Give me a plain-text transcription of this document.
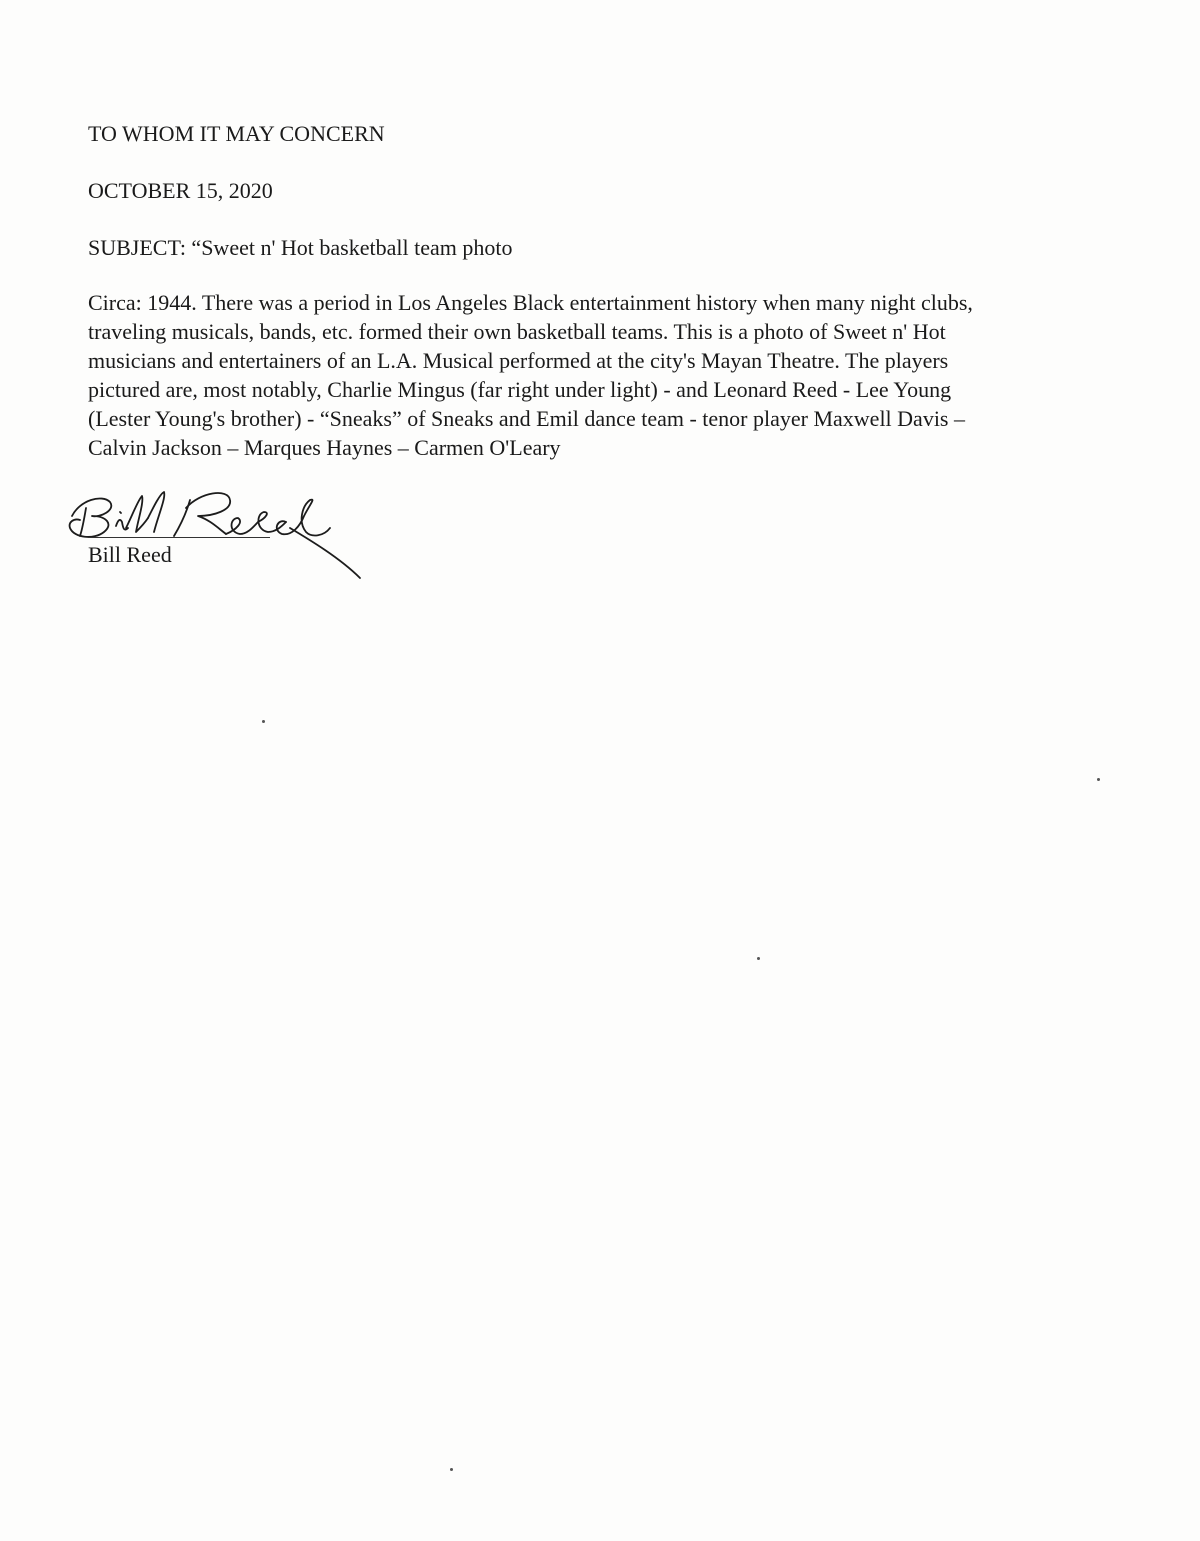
TO WHOM IT MAY CONCERN
OCTOBER 15, 2020
SUBJECT: “Sweet n' Hot basketball team photo
Circa: 1944. There was a period in Los Angeles Black entertainment history when many night clubs,
traveling musicals, bands, etc. formed their own basketball teams. This is a photo of Sweet n' Hot
musicians and entertainers of an L.A. Musical performed at the city's Mayan Theatre. The players
pictured are, most notably, Charlie Mingus (far right under light) - and Leonard Reed - Lee Young
(Lester Young's brother) - “Sneaks” of Sneaks and Emil dance team - tenor player Maxwell Davis –
Calvin Jackson – Marques Haynes – Carmen O'Leary
Bill Reed
